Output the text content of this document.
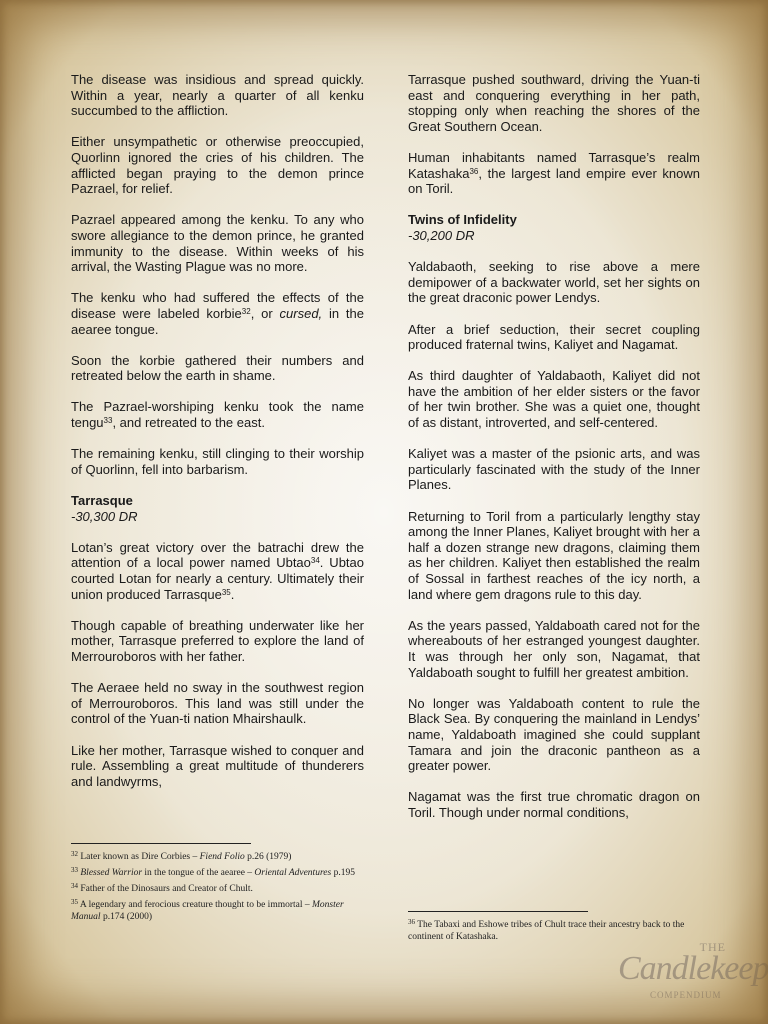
The disease was insidious and spread quickly. Within a year, nearly a quarter of all kenku succumbed to the affliction.

Either unsympathetic or otherwise preoccupied, Quorlinn ignored the cries of his children. The afflicted began praying to the demon prince Pazrael, for relief.

Pazrael appeared among the kenku. To any who swore allegiance to the demon prince, he granted immunity to the disease. Within weeks of his arrival, the Wasting Plague was no more.

The kenku who had suffered the effects of the disease were labeled korbie$^{32}$, or cursed, in the aearee tongue.

Soon the korbie gathered their numbers and retreated below the earth in shame.

The Pazrael-worshiping kenku took the name tengu$^{33}$, and retreated to the east.

The remaining kenku, still clinging to their worship of Quorlinn, fell into barbarism.

Tarrasque
-30,300 DR

Lotan’s great victory over the batrachi drew the attention of a local power named Ubtao$^{34}$. Ubtao courted Lotan for nearly a century. Ultimately their union produced Tarrasque$^{35}$.

Though capable of breathing underwater like her mother, Tarrasque preferred to explore the land of Merrouroboros with her father.

The Aeraee held no sway in the southwest region of Merrouroboros. This land was still under the control of the Yuan-ti nation Mhairshaulk.

Like her mother, Tarrasque wished to conquer and rule. Assembling a great multitude of thunderers and landwyrms,

$^{32}$ Later known as Dire Corbies – Fiend Folio p.26 (1979)

$^{33}$ Blessed Warrior in the tongue of the aearee – Oriental Adventures p.195

$^{34}$ Father of the Dinosaurs and Creator of Chult.

$^{35}$ A legendary and ferocious creature thought to be immortal – Monster Manual p.174 (2000)

Tarrasque pushed southward, driving the Yuan-ti east and conquering everything in her path, stopping only when reaching the shores of the Great Southern Ocean.

Human inhabitants named Tarrasque’s realm Katashaka$^{36}$, the largest land empire ever known on Toril.

Twins of Infidelity
-30,200 DR

Yaldabaoth, seeking to rise above a mere demipower of a backwater world, set her sights on the great draconic power Lendys.

After a brief seduction, their secret coupling produced fraternal twins, Kaliyet and Nagamat.

As third daughter of Yaldabaoth, Kaliyet did not have the ambition of her elder sisters or the favor of her twin brother. She was a quiet one, thought of as distant, introverted, and self-centered.

Kaliyet was a master of the psionic arts, and was particularly fascinated with the study of the Inner Planes.

Returning to Toril from a particularly lengthy stay among the Inner Planes, Kaliyet brought with her a half a dozen strange new dragons, claiming them as her children. Kaliyet then established the realm of Sossal in farthest reaches of the icy north, a land where gem dragons rule to this day.

As the years passed, Yaldaboath cared not for the whereabouts of her estranged youngest daughter. It was through her only son, Nagamat, that Yaldaboath sought to fulfill her greatest ambition.

No longer was Yaldaboath content to rule the Black Sea. By conquering the mainland in Lendys’ name, Yaldaboath imagined she could supplant Tamara and join the draconic pantheon as a greater power.

Nagamat was the first true chromatic dragon on Toril. Though under normal conditions,

$^{36}$ The Tabaxi and Eshowe tribes of Chult trace their ancestry back to the continent of Katashaka.

THE
Candlekeep
COMPENDIUM
